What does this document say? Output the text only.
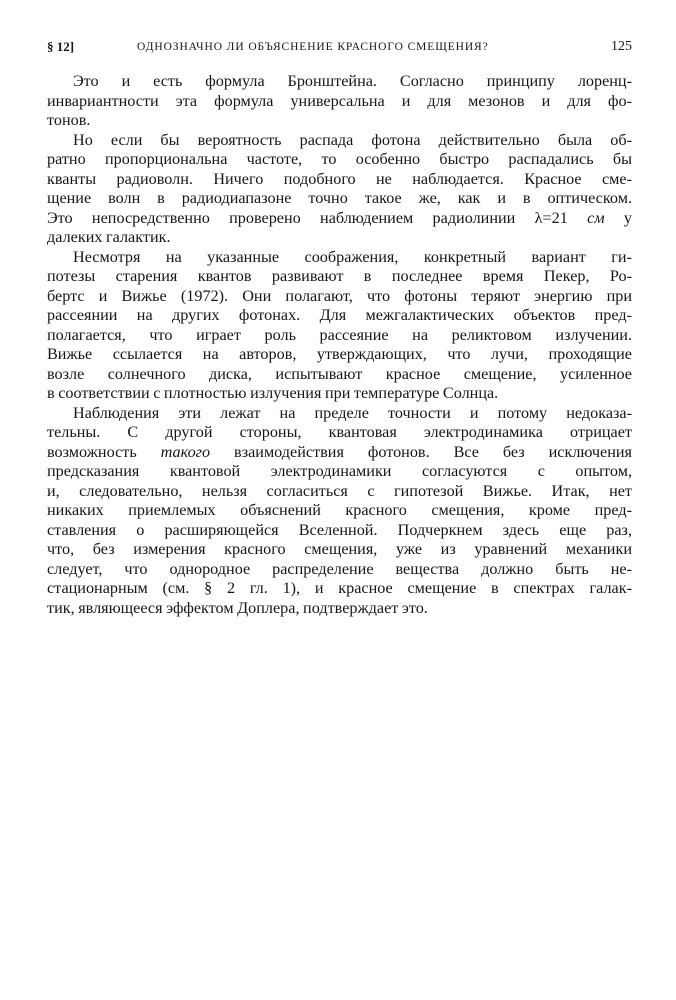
§ 12]	ОДНОЗНАЧНО ЛИ ОБЪЯСНЕНИЕ КРАСНОГО СМЕЩЕНИЯ?	125
Это и есть формула Бронштейна. Согласно принципу лоренц-
инвариантности эта формула универсальна и для мезонов и для фо-
тонов.
Но если бы вероятность распада фотона действительно была об-
ратно пропорциональна частоте, то особенно быстро распадались бы
кванты радиоволн. Ничего подобного не наблюдается. Красное сме-
щение волн в радиодиапазоне точно такое же, как и в оптическом.
Это непосредственно проверено наблюдением радиолинии λ=21 см у
далеких галактик.
Несмотря на указанные соображения, конкретный вариант ги-
потезы старения квантов развивают в последнее время Пекер, Ро-
бертс и Вижье (1972). Они полагают, что фотоны теряют энергию при
рассеянии на других фотонах. Для межгалактических объектов пред-
полагается, что играет роль рассеяние на реликтовом излучении.
Вижье ссылается на авторов, утверждающих, что лучи, проходящие
возле солнечного диска, испытывают красное смещение, усиленное
в соответствии с плотностью излучения при температуре Солнца.
Наблюдения эти лежат на пределе точности и потому недоказа-
тельны. С другой стороны, квантовая электродинамика отрицает
возможность такого взаимодействия фотонов. Все без исключения
предсказания квантовой электродинамики согласуются с опытом,
и, следовательно, нельзя согласиться с гипотезой Вижье. Итак, нет
никаких приемлемых объяснений красного смещения, кроме пред-
ставления о расширяющейся Вселенной. Подчеркнем здесь еще раз,
что, без измерения красного смещения, уже из уравнений механики
следует, что однородное распределение вещества должно быть не-
стационарным (см. § 2 гл. 1), и красное смещение в спектрах галак-
тик, являющееся эффектом Доплера, подтверждает это.
